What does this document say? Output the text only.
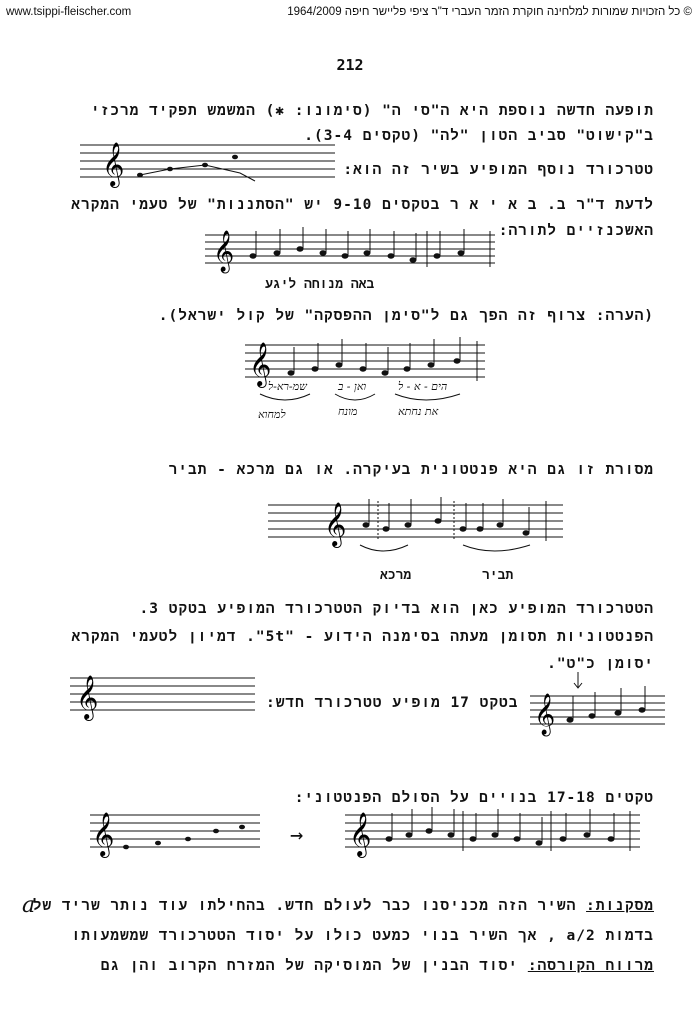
www.tsippi-fleischer.com	© כל הזכויות שמורות למלחינה חוקרת הזמר העברי ד"ר ציפי פליישר חיפה 1964/2009
212
תופעה חדשה נוספת היא ה"סי ה" (סימונו: ✱) המשמש תפקיד מרכזי
ב"קישוט" סביב הטון "לה" (טקסים 3-4).
𝄞	טטרכורד נוסף המופיע בשיר זה הוא:
לדעת ד"ר ב. ב א י א ר בטקסים 9-10 יש "הסתננות" של טעמי המקרא
האשכנזיים לתורה:
𝄞
באה מנוחה ליגע
(הערה: צרוף זה הפך גם ל"סימן ההפסקה" של קול ישראל).
𝄞
שמ-רא-ל	ואן - ב	הים - א - ל
למחוא	מונח	את נחתא
מסורת זו גם היא פנטטונית בעיקרה. או גם מרכא - תביר
𝄞
מרכא	תביר
הטטרכורד המופיע כאן הוא בדיוק הטטרכורד המופיע בטקט 3.
הפנטטוניות תסומן מעתה בסימנה הידוע - "5t". דמיון לטעמי המקרא
יסומן כ"ט".
𝄞	בטקט 17 מופיע טטרכורד חדש: 𝄞
טקטים 17-18 בנויים על הסולם הפנטטוני:
𝄞	→ 𝄞
a	מסקנות: השיר הזה מכניסנו כבר לעולם חדש. בהחילתו עוד נותר שריד של
בדמות a/2 , אך השיר בנוי כמעט כולו על יסוד הטטרכורד שמשמעותו
מרווח הקורסה: יסוד הבנין של המוסיקה של המזרח הקרוב והן גם
